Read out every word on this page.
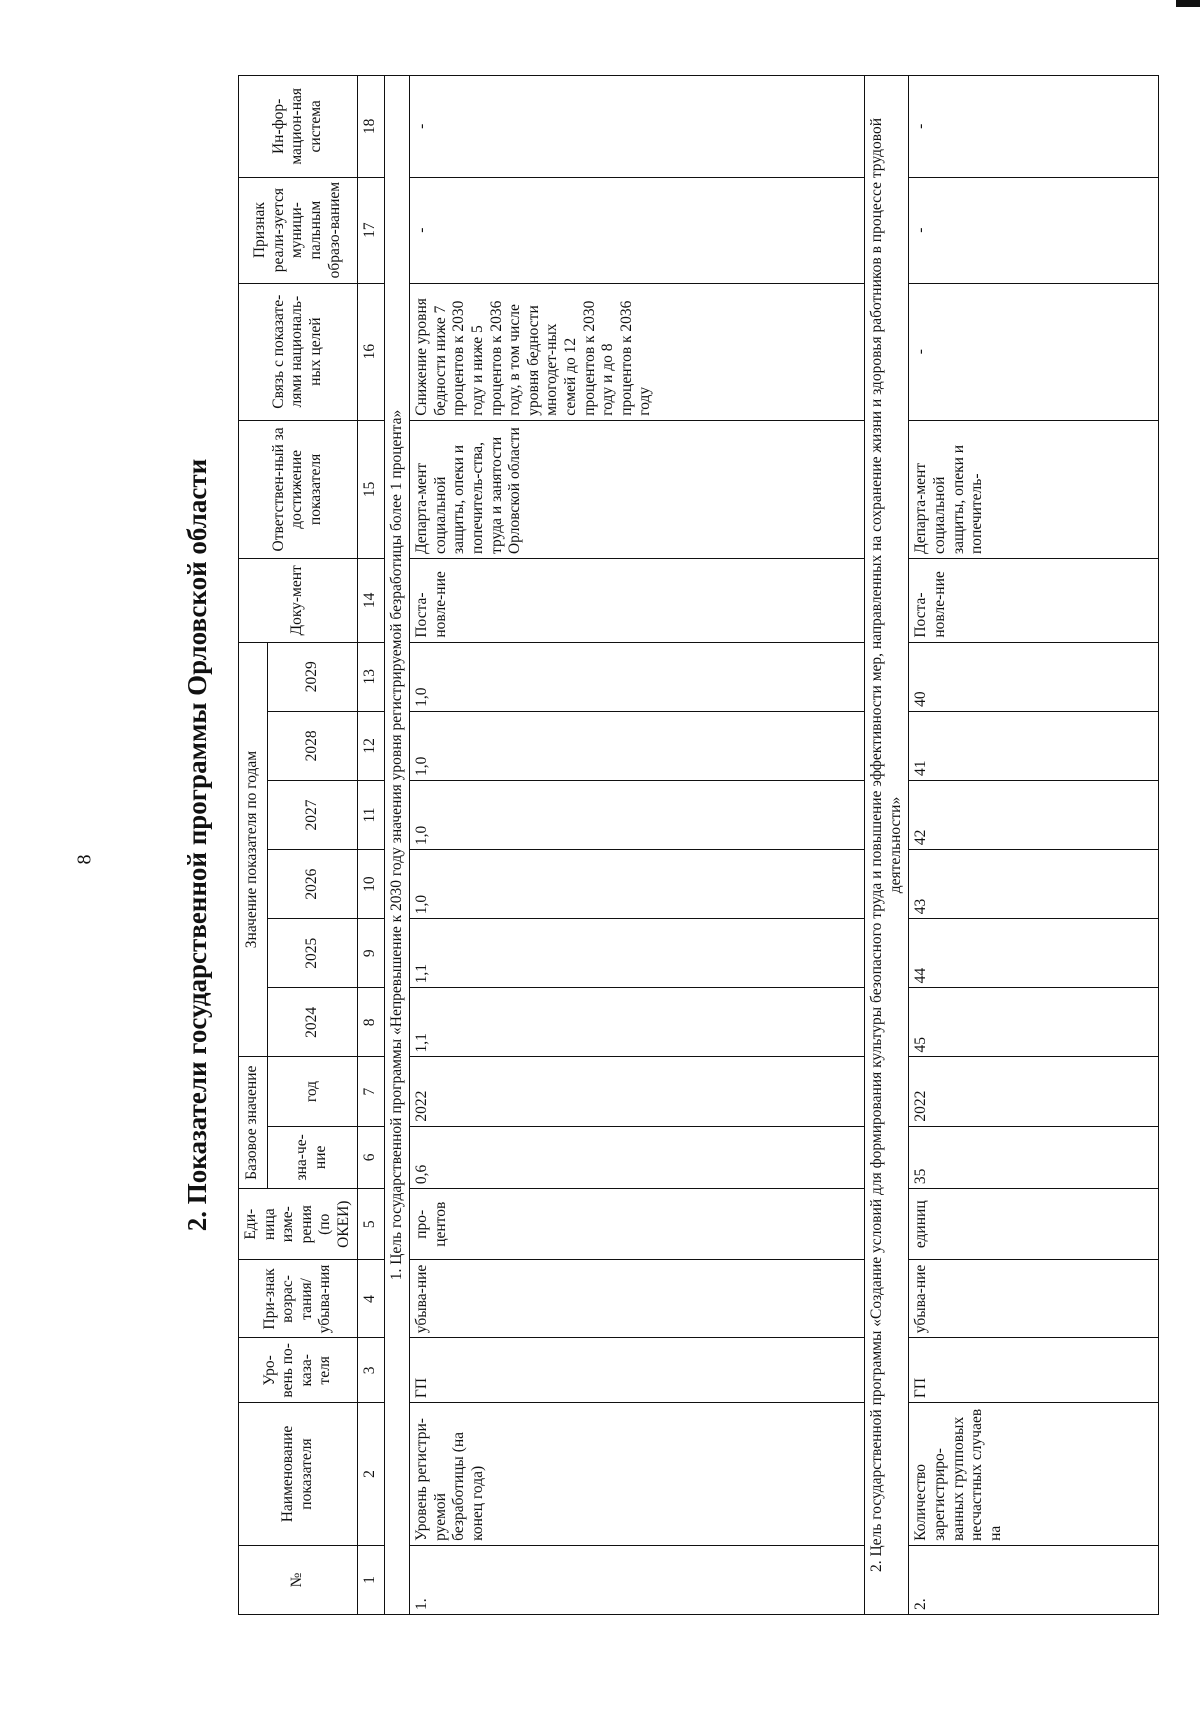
8	2. Показатели государственной программы Орловской области
№	Наименование показателя	Уро-вень по-каза-теля	При-знак возрас-тания/ убыва-ния	Еди-ница изме-рения (по ОКЕИ)	Базовое значение		Значение показателя по годам						Доку-мент	Ответствен-ный за достижение показателя	Связь с показате-лями националь-ных целей	Признак реали-зуется муници-пальным образо-ванием	Ин-фор-мацион-ная система
					зна-че-ние	год	2024	2025	2026	2027	2028	2029					
1	2	3	4	5	6	7	8	9	10	11	12	13	14	15	16	17	18
1. Цель государственной программы «Непревышение к 2030 году значения уровня регистрируемой безработицы более 1 процента»																	
1.	Уровень регистри-руемой безработицы (на конец года)	ГП	убыва-ние	про-центов	0,6	2022	1,1	1,1	1,0	1,0	1,0	1,0	Поста-новле-ние	Департа-мент социальной защиты, опеки и попечитель-ства, труда и занятости Орловской области	Снижение уровня бедности ниже 7 процентов к 2030 году и ниже 5 процентов к 2036 году, в том числе уровня бедности многодет-ных семей до 12 процентов к 2030 году и до 8 процентов к 2036 году	-	-
2. Цель государственной программы «Создание условий для формирования культуры безопасного труда и повышение эффективности мер, направленных на сохранение жизни и здоровья работников в процессе трудовой деятельности»																	
2.	Количество зарегистриро-ванных групповых несчастных случаев на	ГП	убыва-ние	единиц	35	2022	45	44	43	42	41	40	Поста-новле-ние	Департа-мент социальной защиты, опеки и попечитель-	-	-	-
